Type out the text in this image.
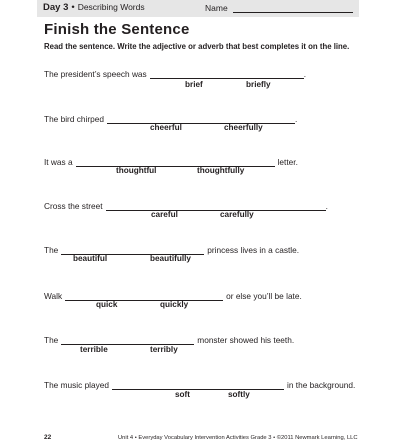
Day 3 • Describing Words	Name
Finish the Sentence
Read the sentence. Write the adjective or adverb that best completes it on the line.
The president’s speech was	.
brief	briefly
The bird chirped	.
cheerful	cheerfully
It was a	letter.
thoughtful	thoughtfully
Cross the street	.
careful	carefully
The	princess lives in a castle.
beautiful	beautifully
Walk	or else you’ll be late.
quick	quickly
The	monster showed his teeth.
terrible	terribly
The music played	in the background.
soft	softly
22	Unit 4 • Everyday Vocabulary Intervention Activities Grade 3 • ©2011 Newmark Learning, LLC
